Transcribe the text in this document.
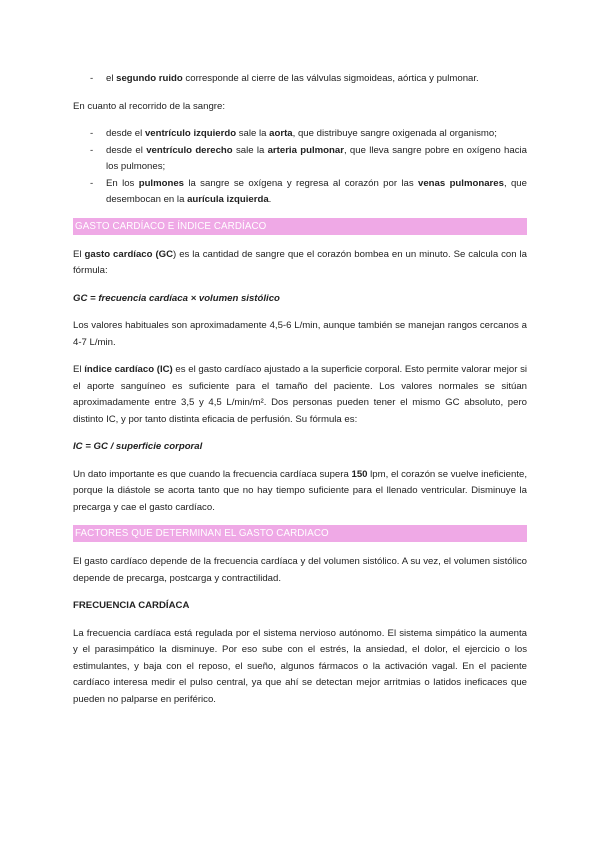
- el segundo ruido corresponde al cierre de las válvulas sigmoideas, aórtica y pulmonar.

En cuanto al recorrido de la sangre:

- desde el ventrículo izquierdo sale la aorta, que distribuye sangre oxigenada al organismo;
- desde el ventrículo derecho sale la arteria pulmonar, que lleva sangre pobre en oxígeno hacia los pulmones;
- En los pulmones la sangre se oxígena y regresa al corazón por las venas pulmonares, que desembocan en la aurícula izquierda.
GASTO CARDÍACO E ÍNDICE CARDÍACO

El gasto cardíaco (GC) es la cantidad de sangre que el corazón bombea en un minuto. Se calcula con la fórmula:

GC = frecuencia cardíaca × volumen sistólico

Los valores habituales son aproximadamente 4,5-6 L/min, aunque también se manejan rangos cercanos a 4-7 L/min.

El índice cardíaco (IC) es el gasto cardíaco ajustado a la superficie corporal. Esto permite valorar mejor si el aporte sanguíneo es suficiente para el tamaño del paciente. Los valores normales se sitúan aproximadamente entre 3,5 y 4,5 L/min/m². Dos personas pueden tener el mismo GC absoluto, pero distinto IC, y por tanto distinta eficacia de perfusión. Su fórmula es:

IC = GC / superficie corporal

Un dato importante es que cuando la frecuencia cardíaca supera 150 lpm, el corazón se vuelve ineficiente, porque la diástole se acorta tanto que no hay tiempo suficiente para el llenado ventricular. Disminuye la precarga y cae el gasto cardíaco.

FACTORES QUE DETERMINAN EL GASTO CARDIACO

El gasto cardíaco depende de la frecuencia cardíaca y del volumen sistólico. A su vez, el volumen sistólico depende de precarga, postcarga y contractilidad.

FRECUENCIA CARDÍACA

La frecuencia cardíaca está regulada por el sistema nervioso autónomo. El sistema simpático la aumenta y el parasimpático la disminuye. Por eso sube con el estrés, la ansiedad, el dolor, el ejercicio o los estimulantes, y baja con el reposo, el sueño, algunos fármacos o la activación vagal. En el paciente cardíaco interesa medir el pulso central, ya que ahí se detectan mejor arritmias o latidos ineficaces que pueden no palparse en periférico.
